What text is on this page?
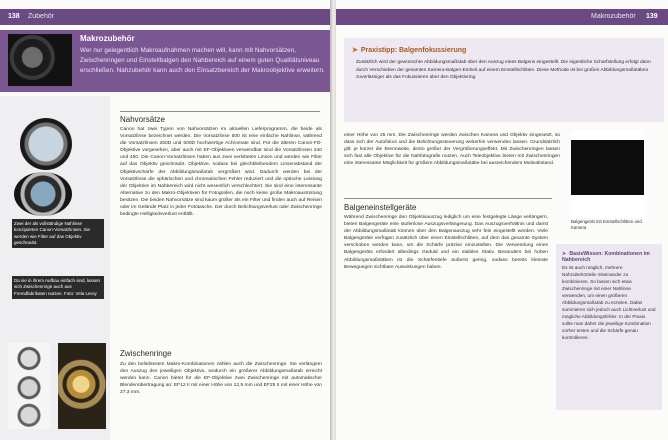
138 Zubehör
Makrozubehör
Wer nur gelegentlich Makroaufnahmen machen will, kann mit Nahvorsätzen, Zwischenringen und Einstellbalgen den Nahbereich auf einem guten Qualitätsniveau erschließen. Nahzubehör kann auch den Einsatzbereich der Makroobjektive erweitern.
Zwei der als vollständige Nahlinse konzipierten Canon-Vorsatzlinsen. Sie werden wie Filter auf das Objektiv geschraubt.
Nahvorsätze
Canon hat zwei Typen von Nahvorsätzen im aktuellen Lieferprogramm, die beide als Vorsatzlinse bezeichnet werden. Die Vorsatzlinse 500 ist eine einfache Nahlinse, während die Vorsatzlinsen 250D und 500D hochwertige Achromate sind. Für die älteren Canon-FD-Objektive vorgesehen, aber auch mit EF-Objektiven verwendbar sind die Vorsatzlinsen 240 und 450. Die Canon-Vorsatzlinsen haben aus zwei verkitteten Linsen und werden wie Filter auf das Objektiv geschraubt. Objektive, sodass bei gleichbleibendem Linsenabstand der Objektivschärfe der Abbildungsmaßstab vergrößert wird. Dadurch werden bei der Vorsatzlinse die sphärischen und chromatischen Fehler reduziert und die optische Leistung der Objektive im Nahbereich wird nicht wesentlich verschlechtert. Sie sind eine interessante Alternative zu den Makro-Objektiven für Fotografen, die noch keine große Makroausrüstung besitzen. Die beiden Nahvorsätze sind kaum größer als ein Filter und finden auch auf Reisen oder im Gelände Platz in jeder Fototasche. Der durch Belichtungsverlust oder Zwischenringe bedingte Helligkeitsverlust entfällt.
Da sie in ihrem Aufbau einfach sind, lassen sich Zwischenringe auch aus Fremdfabrikaten nutzen. Foto: Vela Leroy
Zwischenringe
Zu den beliebtesten Makro-Kombinationen zählen auch die Zwischenringe. Sie verlängern den Auszug des jeweiligen Objektivs, wodurch ein größerer Abbildungsmaßstab erreicht werden kann. Canon bietet für die EF-Objektive zwei Zwischenringe mit automatischer Blendenübertragung an: EF12 II mit einer Höhe von 12,5 mm und EF25 II mit einer Höhe von 27,3 mm.
Makrozubehör 139
➤ Praxistipp: Balgenfokussierung
Zusätzlich wird der gewünschte Abbildungsmaßstab über den Auszug eines Balgens eingestellt. Die eigentliche Scharfstellung erfolgt dann durch Verschieben der gesamten Kamera-Balgen-Einheit auf einem Einstellschlitten. Diese Methode ist bei großen Abbildungsmaßstäben zuverlässiger als das Fokussieren über den Objektivring.
einer Höhe von 25 mm. Die Zwischenringe werden zwischen Kamera und Objektiv eingesetzt, so dass sich der Autofokus und die Belichtungssteuerung weiterhin verwenden lassen. Grundsätzlich gilt: je kürzer die Brennweite, desto größer der Vergrößerungseffekt. Mit Zwischenringen lassen sich fast alle Objektive für die Nahfotografie nutzen. Auch Teleobjektive bieten mit Zwischenringen eine interessante Möglichkeit für größere Abbildungsmaßstäbe bei ausreichendem Motivabstand.
Balgengerät mit Einstellschlitten und Kamera
Balgeneinstellgeräte
Während Zwischenringe den Objektivauszug lediglich um eine festgelegte Länge verlängern, bieten Balgengeräte eine stufenlose Auszugsverlängerung. Das Auszugsverhältnis und damit der Abbildungsmaßstab können über den Balgenauszug sehr fein eingestellt werden. Viele Balgengeräte verfügen zusätzlich über einen Einstellschlitten, auf dem das gesamte System verschoben werden kann, um die Schärfe präzise einzustellen. Die Verwendung eines Balgengeräts erfordert allerdings Geduld und ein stabiles Stativ. Besonders bei hohen Abbildungsmaßstäben ist die Schärfentiefe äußerst gering, sodass bereits kleinste Bewegungen sichtbare Auswirkungen haben.
➤ BasisWissen: Kombinationen im Nahbereich
Es ist auch möglich, mehrere Nahzubehörteile miteinander zu kombinieren. So lassen sich etwa Zwischenringe mit einer Nahlinse verwenden, um einen größeren Abbildungsmaßstab zu erzielen. Dabei summieren sich jedoch auch Lichtverlust und mögliche Abbildungsfehler. In der Praxis sollte man daher die jeweilige Kombination vorher testen und die Schärfe genau kontrollieren.
